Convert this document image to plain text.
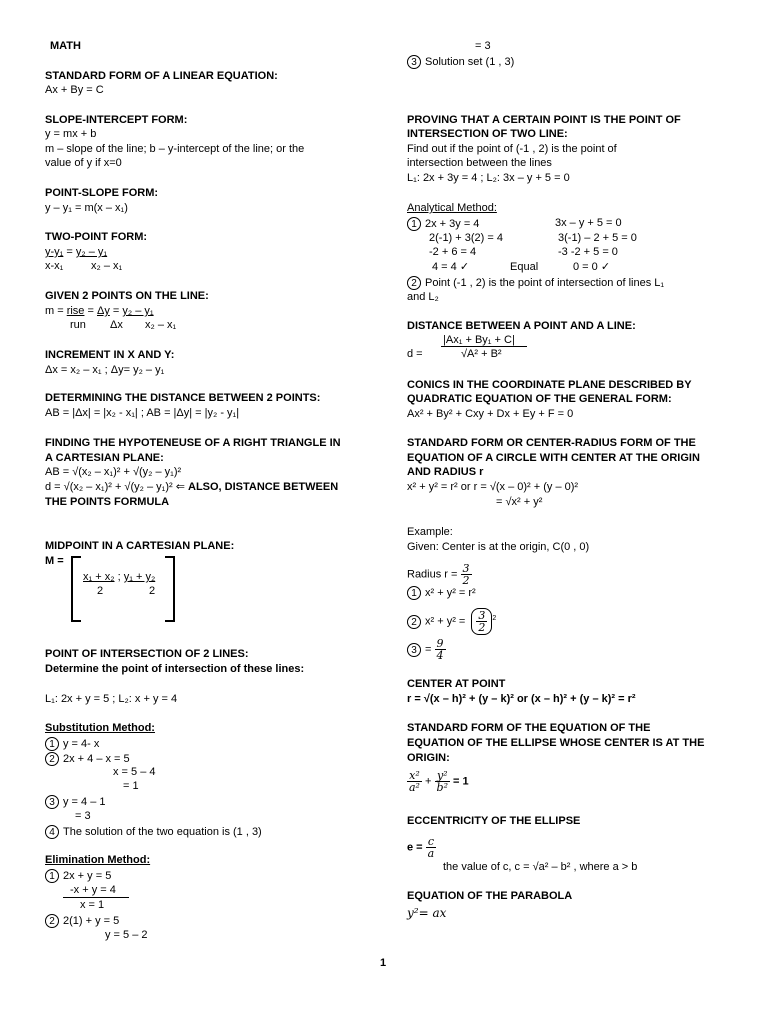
MATH
STANDARD FORM OF A LINEAR EQUATION:
Ax + By = C
SLOPE-INTERCEPT FORM:
y = mx + b
m – slope of the line; b – y-intercept of the line; or the
value of y if x=0
POINT-SLOPE FORM:
y – y₁ = m(x – x₁)
TWO-POINT FORM:
y-y₁ = y₂ – y₁
x-x₁	x₂ – x₁
GIVEN 2 POINTS ON THE LINE:
m = rise = Δy = y₂ – y₁
run Δx x₂ – x₁
INCREMENT IN X AND Y:
Δx = x₂ – x₁ ; Δy= y₂ – y₁
DETERMINING THE DISTANCE BETWEEN 2 POINTS:
AB = |Δx| = |x₂ - x₁| ; AB = |Δy| = |y₂ - y₁|
FINDING THE HYPOTENEUSE OF A RIGHT TRIANGLE IN
A CARTESIAN PLANE:
AB = √(x₂ – x₁)² + √(y₂ – y₁)²
d = √(x₂ – x₁)² + √(y₂ – y₁)² ⇐ ALSO, DISTANCE BETWEEN
THE POINTS FORMULA
MIDPOINT IN A CARTESIAN PLANE:
M =
x₁ + x₂ ; y₁ + y₂
2	2
POINT OF INTERSECTION OF 2 LINES:
Determine the point of intersection of these lines:
L₁: 2x + y = 5 ; L₂: x + y = 4
Substitution Method:
1 y = 4- x
2 2x + 4 – x = 5
x = 5 – 4
= 1
3 y = 4 – 1
= 3
4 The solution of the two equation is (1 , 3)
Elimination Method:
1 2x + y = 5
-x + y = 4
x = 1
2 2(1) + y = 5
y = 5 – 2
= 3
3 Solution set (1 , 3)
PROVING THAT A CERTAIN POINT IS THE POINT OF
INTERSECTION OF TWO LINE:
Find out if the point of (-1 , 2) is the point of
intersection between the lines
L₁: 2x + 3y = 4 ; L₂: 3x – y + 5 = 0
Analytical Method:
1 2x + 3y = 4	3x – y + 5 = 0
2(-1) + 3(2) = 4	3(-1) – 2 + 5 = 0
-2 + 6 = 4	-3 -2 + 5 = 0
4 = 4 ✓	Equal	0 = 0 ✓
2 Point (-1 , 2) is the point of intersection of lines L₁
and L₂
DISTANCE BETWEEN A POINT AND A LINE:
|Ax₁ + By₁ + C|
d =	√A² + B²
CONICS IN THE COORDINATE PLANE DESCRIBED BY
QUADRATIC EQUATION OF THE GENERAL FORM:
Ax² + By² + Cxy + Dx + Ey + F = 0
STANDARD FORM OR CENTER-RADIUS FORM OF THE
EQUATION OF A CIRCLE WITH CENTER AT THE ORIGIN
AND RADIUS r
x² + y² = r² or r = √(x – 0)² + (y – 0)²
= √x² + y²
Example:
Given: Center is at the origin, C(0 , 0)
Radius $r = \frac{3}{2}$
1 x² + y² = r²
2 $x^2 + y^2 = \frac{3}{2} ^2$
$3 = \frac{9}{4}$
CENTER AT POINT
r = √(x – h)² + (y – k)² or (x – h)² + (y – k)² = r²
STANDARD FORM OF THE EQUATION OF THE
EQUATION OF THE ELLIPSE WHOSE CENTER IS AT THE
ORIGIN:
$\frac{\text{x²}}{\text{a²}} + \frac{\text{y²}}{\text{b²}} = 1$
ECCENTRICITY OF THE ELLIPSE
$e = \frac{c}{a}$
the value of c, c = √a² – b² , where a > b
EQUATION OF THE PARABOLA
y²= ax
1
